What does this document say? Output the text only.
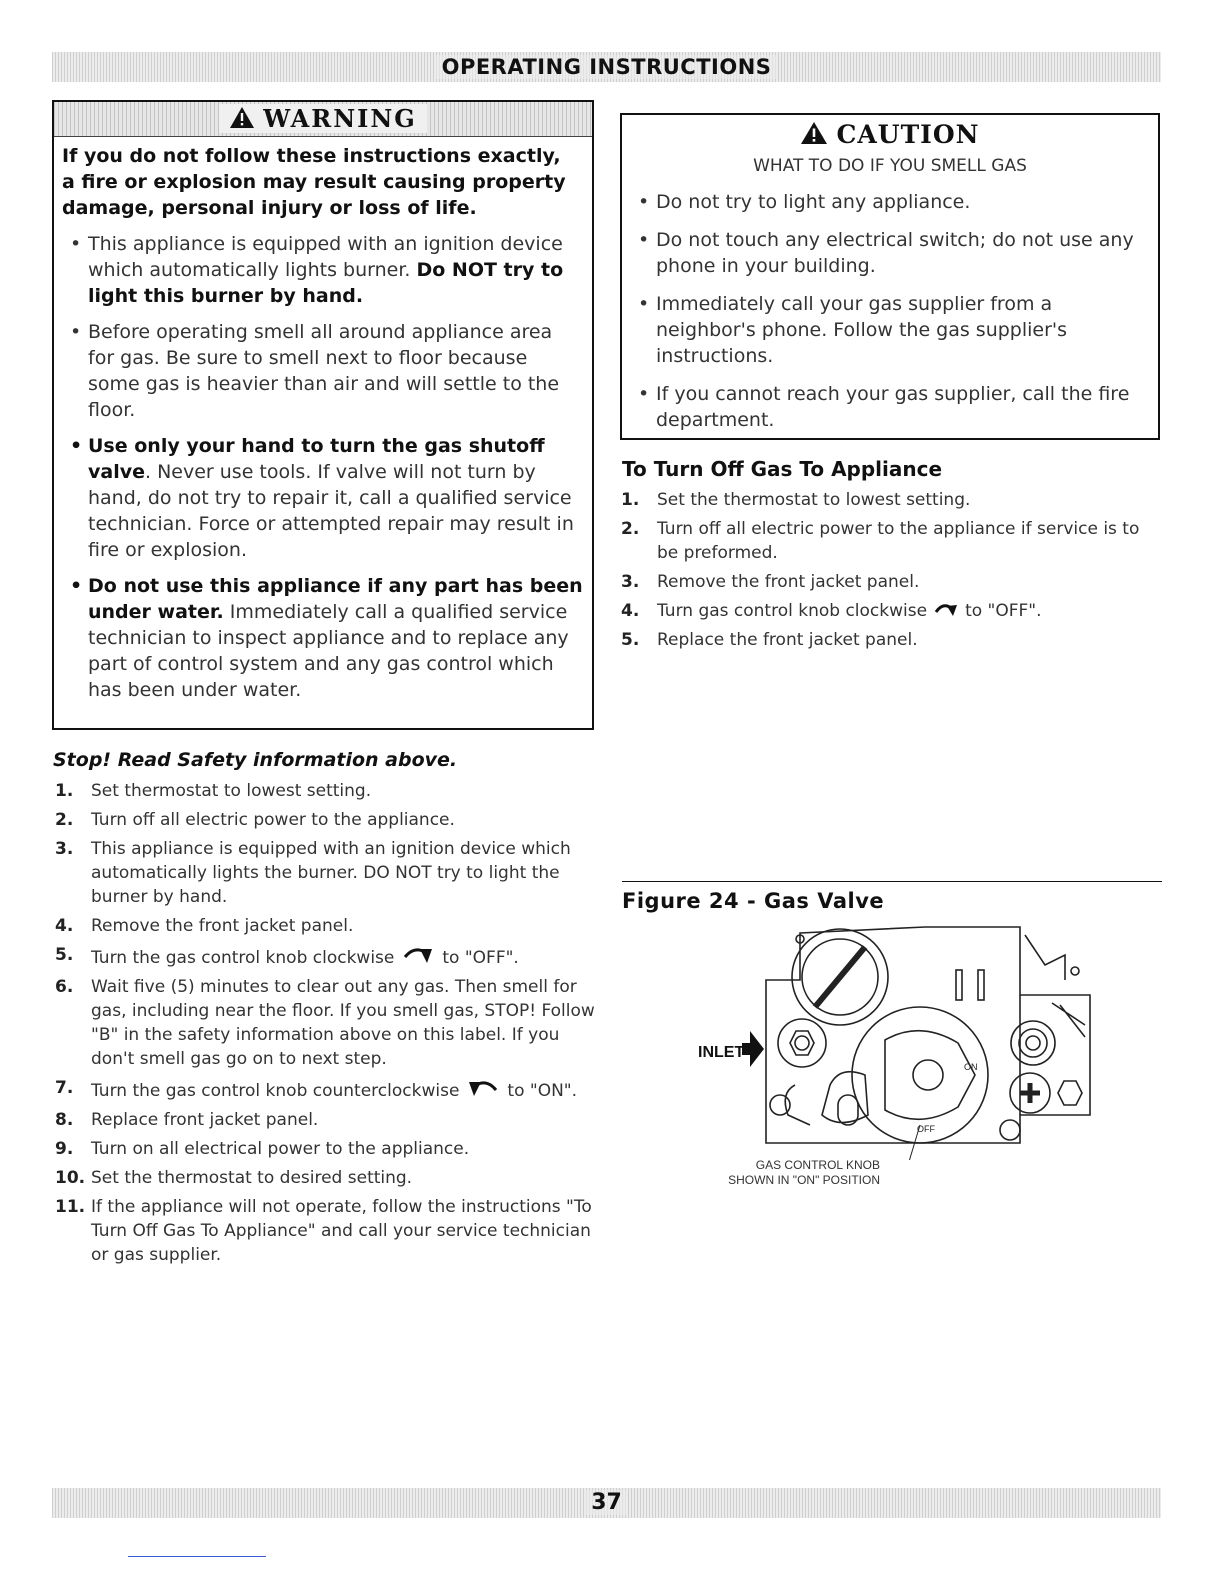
OPERATING INSTRUCTIONS
WARNING
If you do not follow these instructions exactly, a fire or explosion may result causing property damage, personal injury or loss of life.
• This appliance is equipped with an ignition device which automatically lights burner. Do NOT try to light this burner by hand.
• Before operating smell all around appliance area for gas. Be sure to smell next to floor because some gas is heavier than air and will settle to the floor.
• Use only your hand to turn the gas shutoff valve. Never use tools. If valve will not turn by hand, do not try to repair it, call a qualified service technician. Force or attempted repair may result in fire or explosion.
• Do not use this appliance if any part has been under water. Immediately call a qualified service technician to inspect appliance and to replace any part of control system and any gas control which has been under water.
CAUTION
WHAT TO DO IF YOU SMELL GAS
• Do not try to light any appliance.
• Do not touch any electrical switch; do not use any phone in your building.
• Immediately call your gas supplier from a neighbor's phone. Follow the gas supplier's instructions.
• If you cannot reach your gas supplier, call the fire department.
To Turn Off Gas To Appliance
1. Set the thermostat to lowest setting.
2. Turn off all electric power to the appliance if service is to be preformed.
3. Remove the front jacket panel.
4. Turn gas control knob clockwise to "OFF".
5. Replace the front jacket panel.
Stop! Read Safety information above.
1. Set thermostat to lowest setting.
2. Turn off all electric power to the appliance.
3. This appliance is equipped with an ignition device which automatically lights the burner. DO NOT try to light the burner by hand.
4. Remove the front jacket panel.
5. Turn the gas control knob clockwise	to "OFF".
6. Wait five (5) minutes to clear out any gas. Then smell for gas, including near the floor. If you smell gas, STOP! Follow "B" in the safety information above on this label. If you don't smell gas go on to next step.
7. Turn the gas control knob counterclockwise	to "ON".
8. Replace front jacket panel.
9. Turn on all electrical power to the appliance.
10. Set the thermostat to desired setting.
11. If the appliance will not operate, follow the instructions "To Turn Off Gas To Appliance" and call your service technician or gas supplier.
Figure 24 - Gas Valve
INLET
ON
OFF
GAS CONTROL KNOB
SHOWN IN "ON" POSITION
37
